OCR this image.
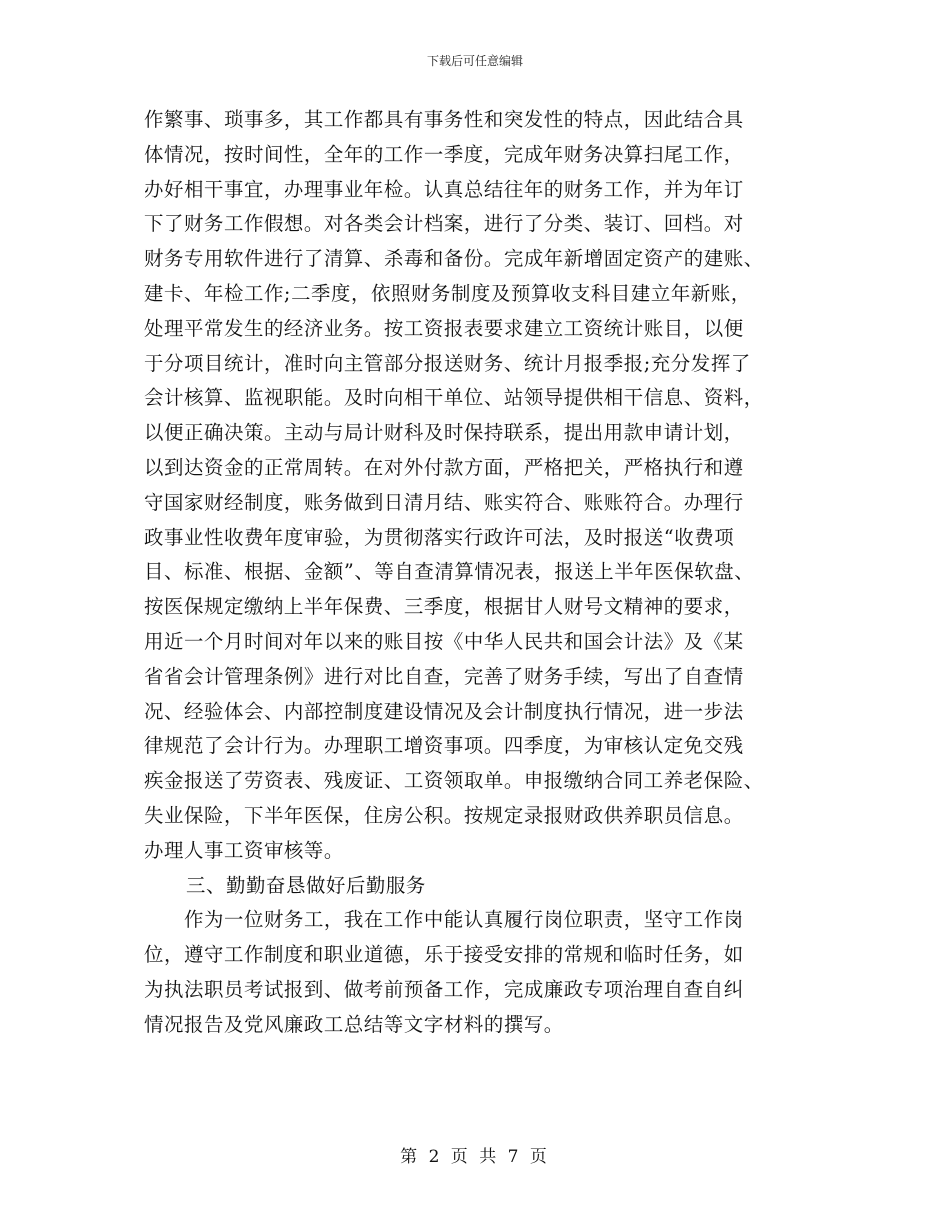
下载后可任意编辑
作繁事、琐事多，其工作都具有事务性和突发性的特点，因此结合具
体情况，按时间性，全年的工作一季度，完成年财务决算扫尾工作，
办好相干事宜，办理事业年检。认真总结往年的财务工作，并为年订
下了财务工作假想。对各类会计档案，进行了分类、装订、回档。对
财务专用软件进行了清算、杀毒和备份。完成年新增固定资产的建账、
建卡、年检工作;二季度，依照财务制度及预算收支科目建立年新账，
处理平常发生的经济业务。按工资报表要求建立工资统计账目，以便
于分项目统计，准时向主管部分报送财务、统计月报季报;充分发挥了
会计核算、监视职能。及时向相干单位、站领导提供相干信息、资料，
以便正确决策。主动与局计财科及时保持联系，提出用款申请计划，
以到达资金的正常周转。在对外付款方面，严格把关，严格执行和遵
守国家财经制度，账务做到日清月结、账实符合、账账符合。办理行
政事业性收费年度审验，为贯彻落实行政许可法，及时报送“收费项
目、标准、根据、金额”、等自查清算情况表，报送上半年医保软盘、
按医保规定缴纳上半年保费、三季度，根据甘人财号文精神的要求，
用近一个月时间对年以来的账目按《中华人民共和国会计法》及《某
省省会计管理条例》进行对比自查，完善了财务手续，写出了自查情
况、经验体会、内部控制度建设情况及会计制度执行情况，进一步法
律规范了会计行为。办理职工增资事项。四季度，为审核认定免交残
疾金报送了劳资表、残废证、工资领取单。申报缴纳合同工养老保险、
失业保险，下半年医保，住房公积。按规定录报财政供养职员信息。
办理人事工资审核等。
三、勤勤奋恳做好后勤服务
作为一位财务工，我在工作中能认真履行岗位职责，坚守工作岗
位，遵守工作制度和职业道德，乐于接受安排的常规和临时任务，如
为执法职员考试报到、做考前预备工作，完成廉政专项治理自查自纠
情况报告及党风廉政工总结等文字材料的撰写。
第 2 页 共 7 页
